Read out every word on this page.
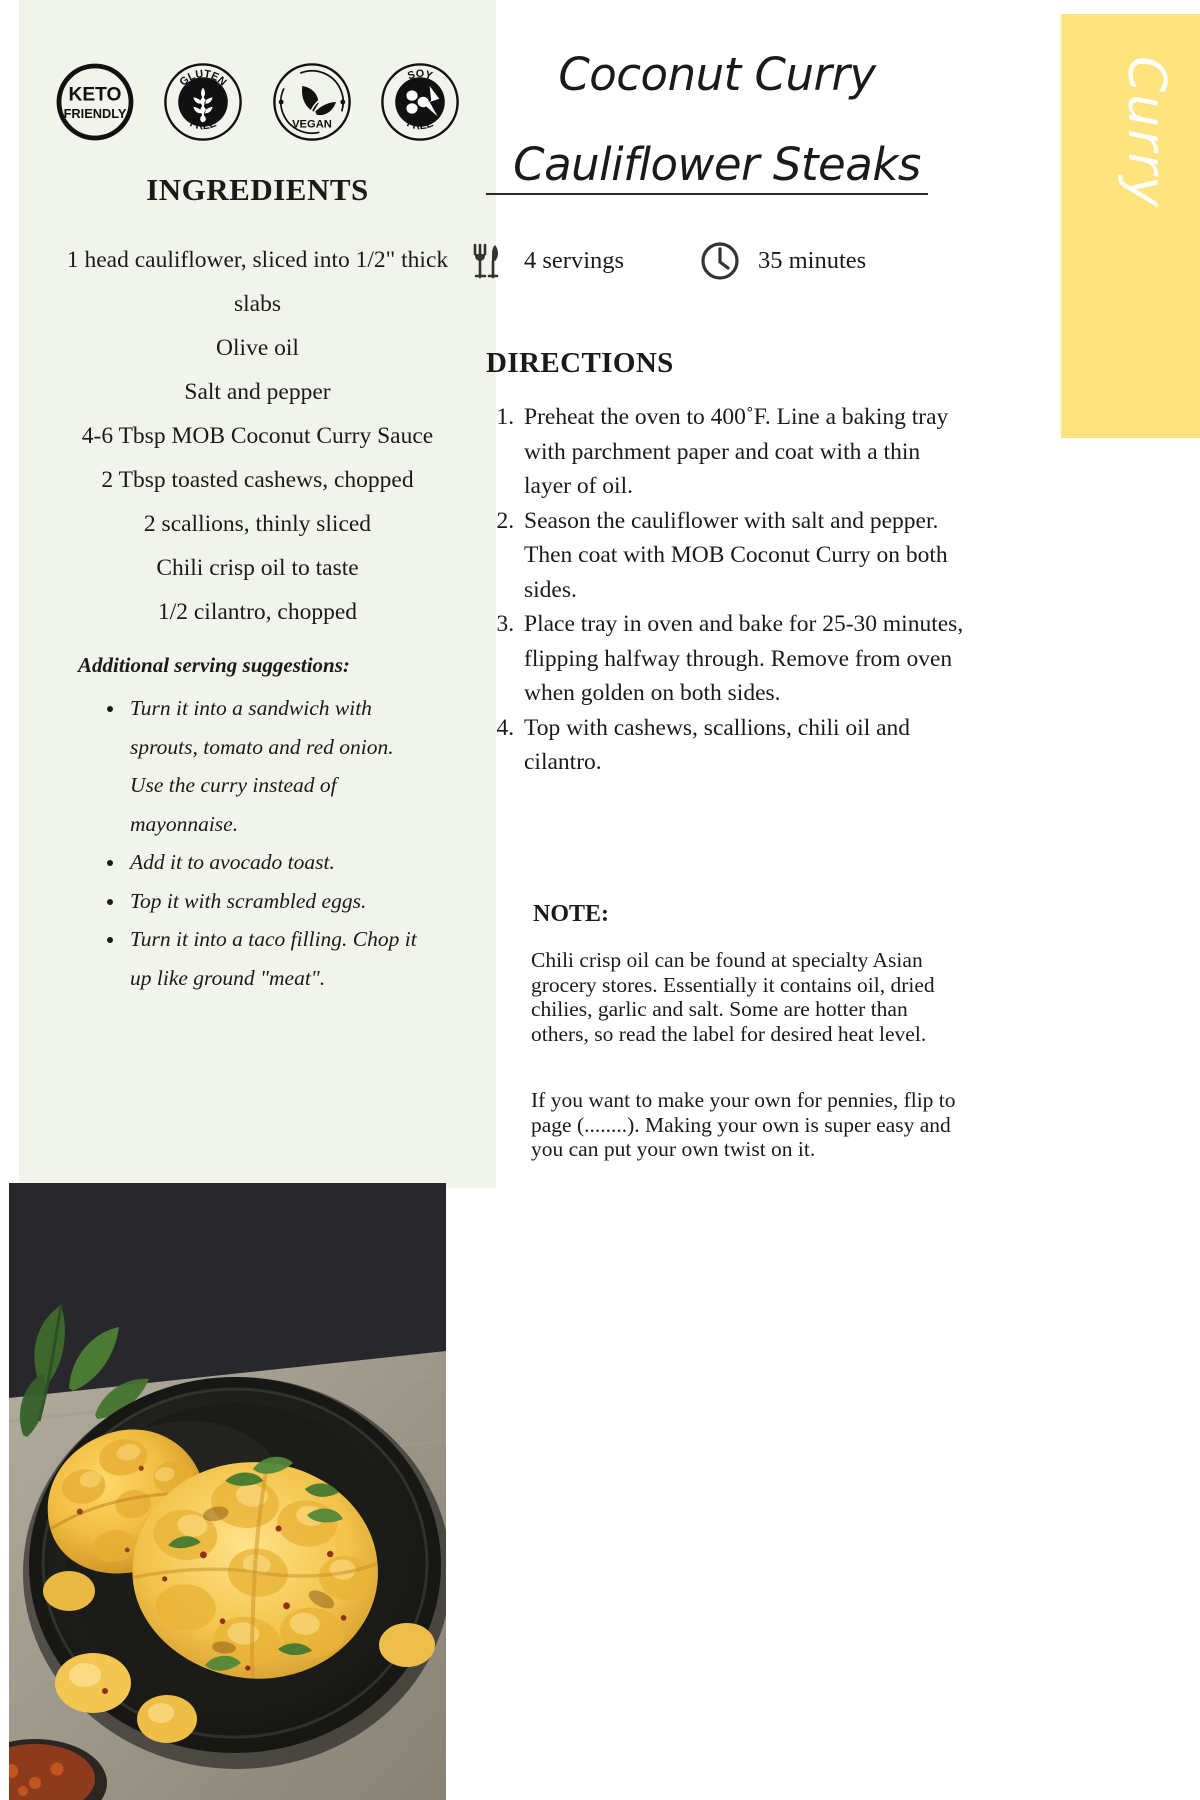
KETO
FRIENDLY
GLUTEN
FREE	VEGAN
SOY
FREE
INGREDIENTS
1 head cauliflower, sliced into 1/2" thick slabs
Olive oil
Salt and pepper
4-6 Tbsp MOB Coconut Curry Sauce
2 Tbsp toasted cashews, chopped
2 scallions, thinly sliced
Chili crisp oil to taste
1/2 cilantro, chopped
Additional serving suggestions:
• Turn it into a sandwich with sprouts, tomato and red onion. Use the curry instead of mayonnaise.
• Add it to avocado toast.
• Top it with scrambled eggs.
• Turn it into a taco filling. Chop it up like ground "meat".
Curry
Coconut Curry
Cauliflower Steaks
4 servings	35 minutes
DIRECTIONS
1. Preheat the oven to 400˚F. Line a baking tray with parchment paper and coat with a thin layer of oil.
2. Season the cauliflower with salt and pepper. Then coat with MOB Coconut Curry on both sides.
3. Place tray in oven and bake for 25-30 minutes, flipping halfway through. Remove from oven when golden on both sides.
4. Top with cashews, scallions, chili oil and cilantro.
NOTE:
Chili crisp oil can be found at specialty Asian grocery stores. Essentially it contains oil, dried chilies, garlic and salt. Some are hotter than others, so read the label for desired heat level.
If you want to make your own for pennies, flip to page (........). Making your own is super easy and you can put your own twist on it.
